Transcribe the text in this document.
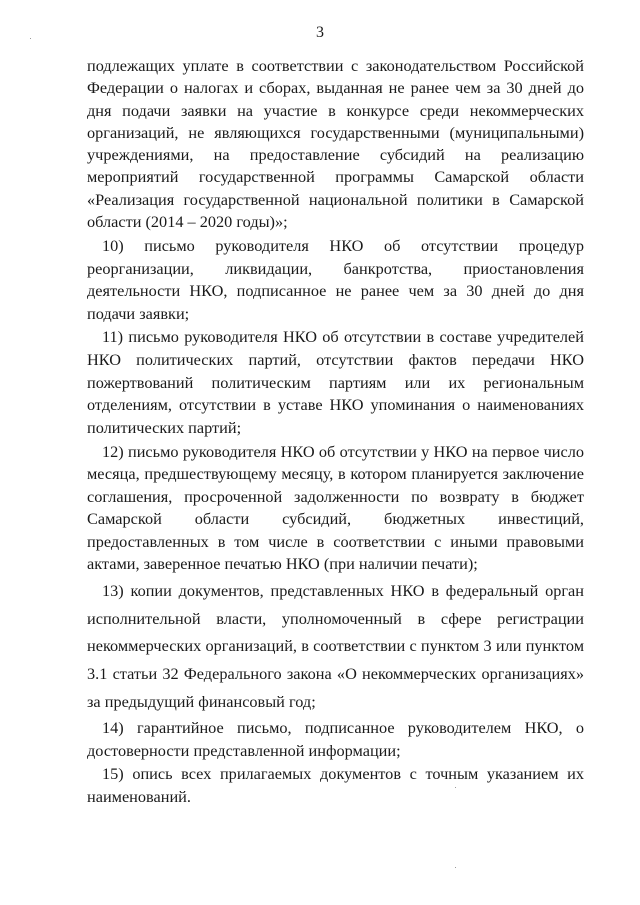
3

подлежащих уплате в соответствии с законодательством Российской Федерации о налогах и сборах, выданная не ранее чем за 30 дней до дня подачи заявки на участие в конкурсе среди некоммерческих организаций, не являющихся государственными (муниципальными) учреждениями, на предоставление субсидий на реализацию мероприятий государственной программы Самарской области «Реализация государственной национальной политики в Самарской области (2014 – 2020 годы)»;

10) письмо руководителя НКО об отсутствии процедур реорганизации, ликвидации, банкротства, приостановления деятельности НКО, подписанное не ранее чем за 30 дней до дня подачи заявки;

11) письмо руководителя НКО об отсутствии в составе учредителей НКО политических партий, отсутствии фактов передачи НКО пожертвований политическим партиям или их региональным отделениям, отсутствии в уставе НКО упоминания о наименованиях политических партий;

12) письмо руководителя НКО об отсутствии у НКО на первое число месяца, предшествующему месяцу, в котором планируется заключение соглашения, просроченной задолженности по возврату в бюджет Самарской области субсидий, бюджетных инвестиций, предоставленных в том числе в соответствии с иными правовыми актами, заверенное печатью НКО (при наличии печати);

13) копии документов, представленных НКО в федеральный орган исполнительной власти, уполномоченный в сфере регистрации некоммерческих организаций, в соответствии с пунктом 3 или пунктом 3.1 статьи 32 Федерального закона «О некоммерческих организациях» за предыдущий финансовый год;

14) гарантийное письмо, подписанное руководителем НКО, о достоверности представленной информации;

15) опись всех прилагаемых документов с точным указанием их наименований.
